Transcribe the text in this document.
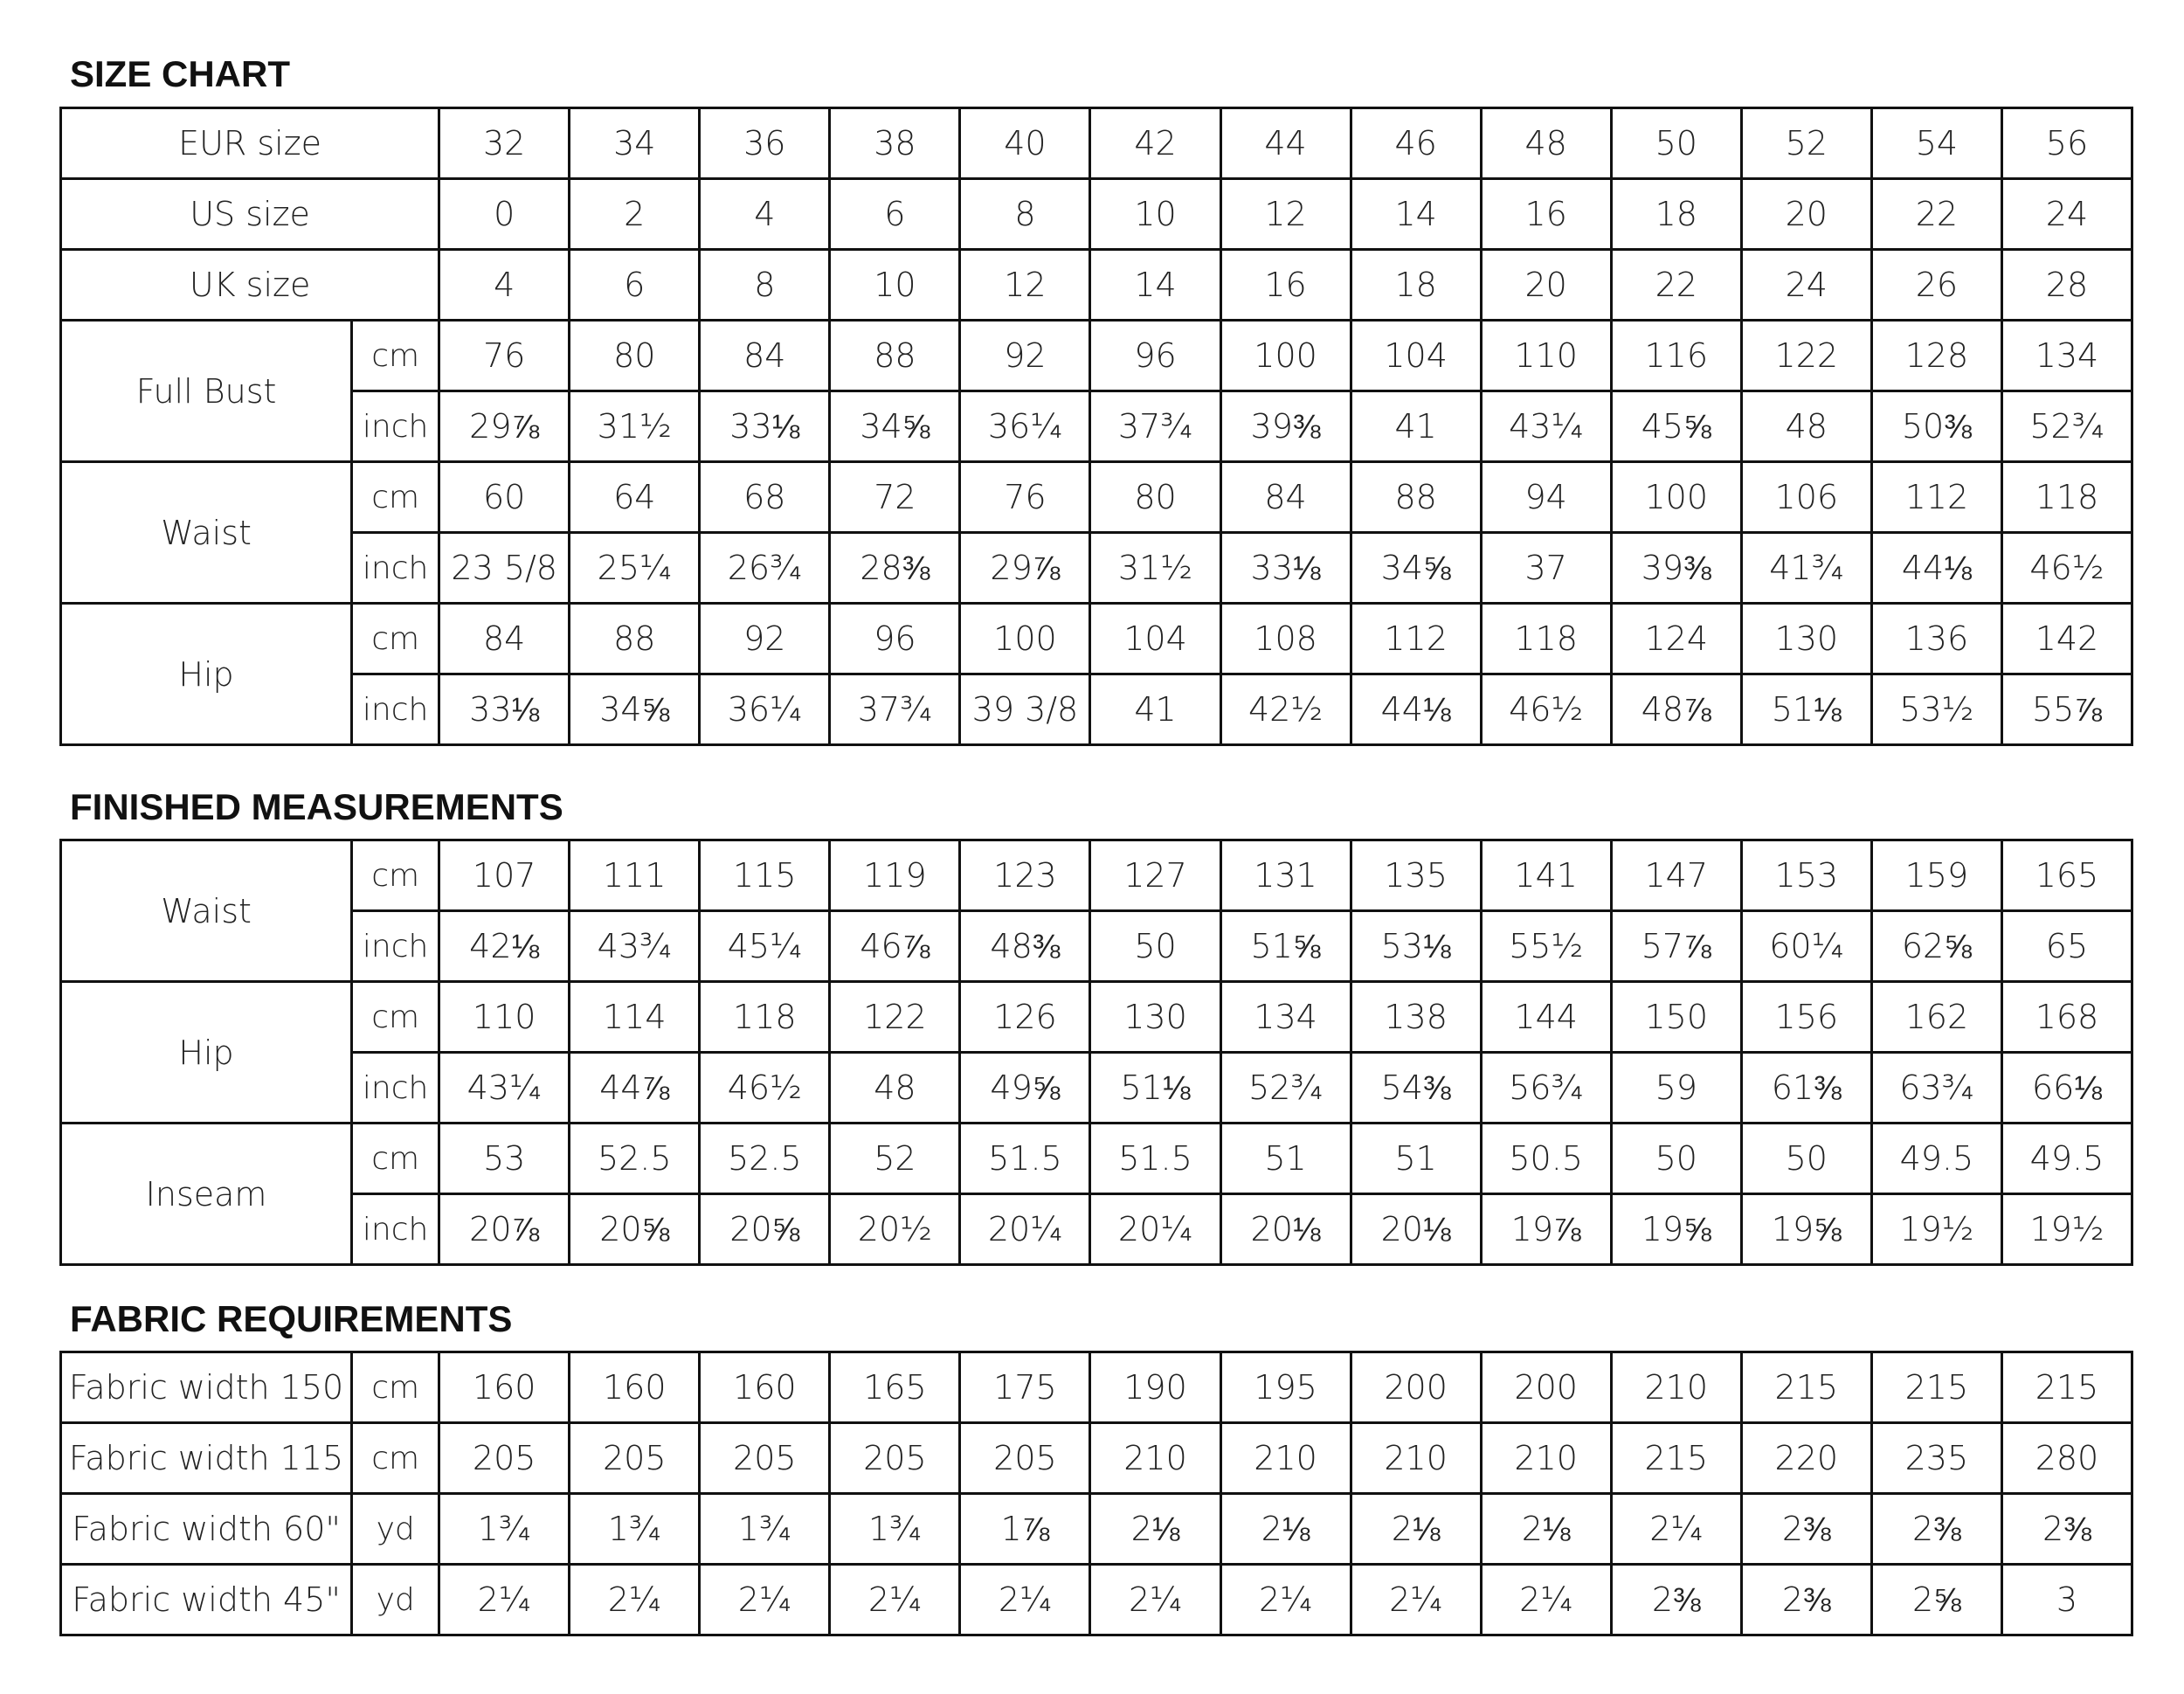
SIZE CHART
EUR size		32	34	36	38	40	42	44	46	48	50	52	54	56
US size		0	2	4	6	8	10	12	14	16	18	20	22	24
UK size		4	6	8	10	12	14	16	18	20	22	24	26	28
Full Bust	cm	76	80	84	88	92	96	100	104	110	116	122	128	134
	inch	29⅞	31½	33⅛	34⅝	36¼	37¾	39⅜	41	43¼	45⅝	48	50⅜	52¾
Waist	cm	60	64	68	72	76	80	84	88	94	100	106	112	118
	inch	23 5/8	25¼	26¾	28⅜	29⅞	31½	33⅛	34⅝	37	39⅜	41¾	44⅛	46½
Hip	cm	84	88	92	96	100	104	108	112	118	124	130	136	142
	inch	33⅛	34⅝	36¼	37¾	39 3/8	41	42½	44⅛	46½	48⅞	51⅛	53½	55⅞
FINISHED MEASUREMENTS
Waist	cm	107	111	115	119	123	127	131	135	141	147	153	159	165
	inch	42⅛	43¾	45¼	46⅞	48⅜	50	51⅝	53⅛	55½	57⅞	60¼	62⅝	65
Hip	cm	110	114	118	122	126	130	134	138	144	150	156	162	168
	inch	43¼	44⅞	46½	48	49⅝	51⅛	52¾	54⅜	56¾	59	61⅜	63¾	66⅛
Inseam	cm	53	52.5	52.5	52	51.5	51.5	51	51	50.5	50	50	49.5	49.5
	inch	20⅞	20⅝	20⅝	20½	20¼	20¼	20⅛	20⅛	19⅞	19⅝	19⅝	19½	19½
FABRIC REQUIREMENTS
Fabric width 150	cm	160	160	160	165	175	190	195	200	200	210	215	215	215
Fabric width 115	cm	205	205	205	205	205	210	210	210	210	215	220	235	280
Fabric width 60"	yd	1¾	1¾	1¾	1¾	1⅞	2⅛	2⅛	2⅛	2⅛	2¼	2⅜	2⅜	2⅜
Fabric width 45"	yd	2¼	2¼	2¼	2¼	2¼	2¼	2¼	2¼	2¼	2⅜	2⅜	2⅝	3
